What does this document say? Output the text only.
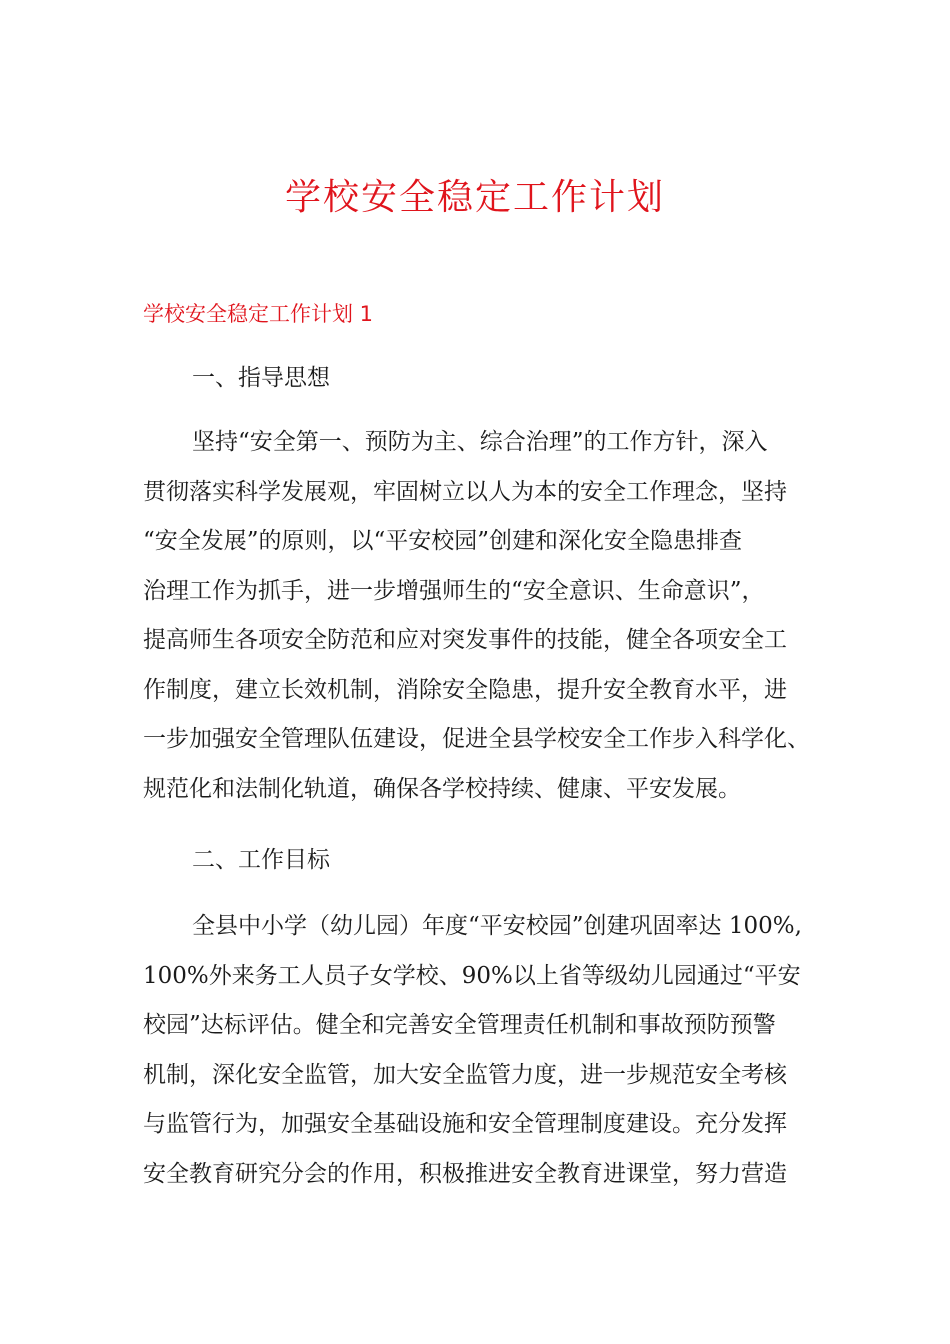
学校安全稳定工作计划
学校安全稳定工作计划 1
一、指导思想
坚持“安全第一、预防为主、综合治理”的工作方针，深入
贯彻落实科学发展观，牢固树立以人为本的安全工作理念，坚持
“安全发展”的原则，以“平安校园”创建和深化安全隐患排查
治理工作为抓手，进一步增强师生的“安全意识、生命意识”，
提高师生各项安全防范和应对突发事件的技能，健全各项安全工
作制度，建立长效机制，消除安全隐患，提升安全教育水平，进
一步加强安全管理队伍建设，促进全县学校安全工作步入科学化、
规范化和法制化轨道，确保各学校持续、健康、平安发展。
二、工作目标
全县中小学（幼儿园）年度“平安校园”创建巩固率达 100%,
100%外来务工人员子女学校、90%以上省等级幼儿园通过“平安
校园”达标评估。健全和完善安全管理责任机制和事故预防预警
机制，深化安全监管，加大安全监管力度，进一步规范安全考核
与监管行为，加强安全基础设施和安全管理制度建设。充分发挥
安全教育研究分会的作用，积极推进安全教育进课堂，努力营造
